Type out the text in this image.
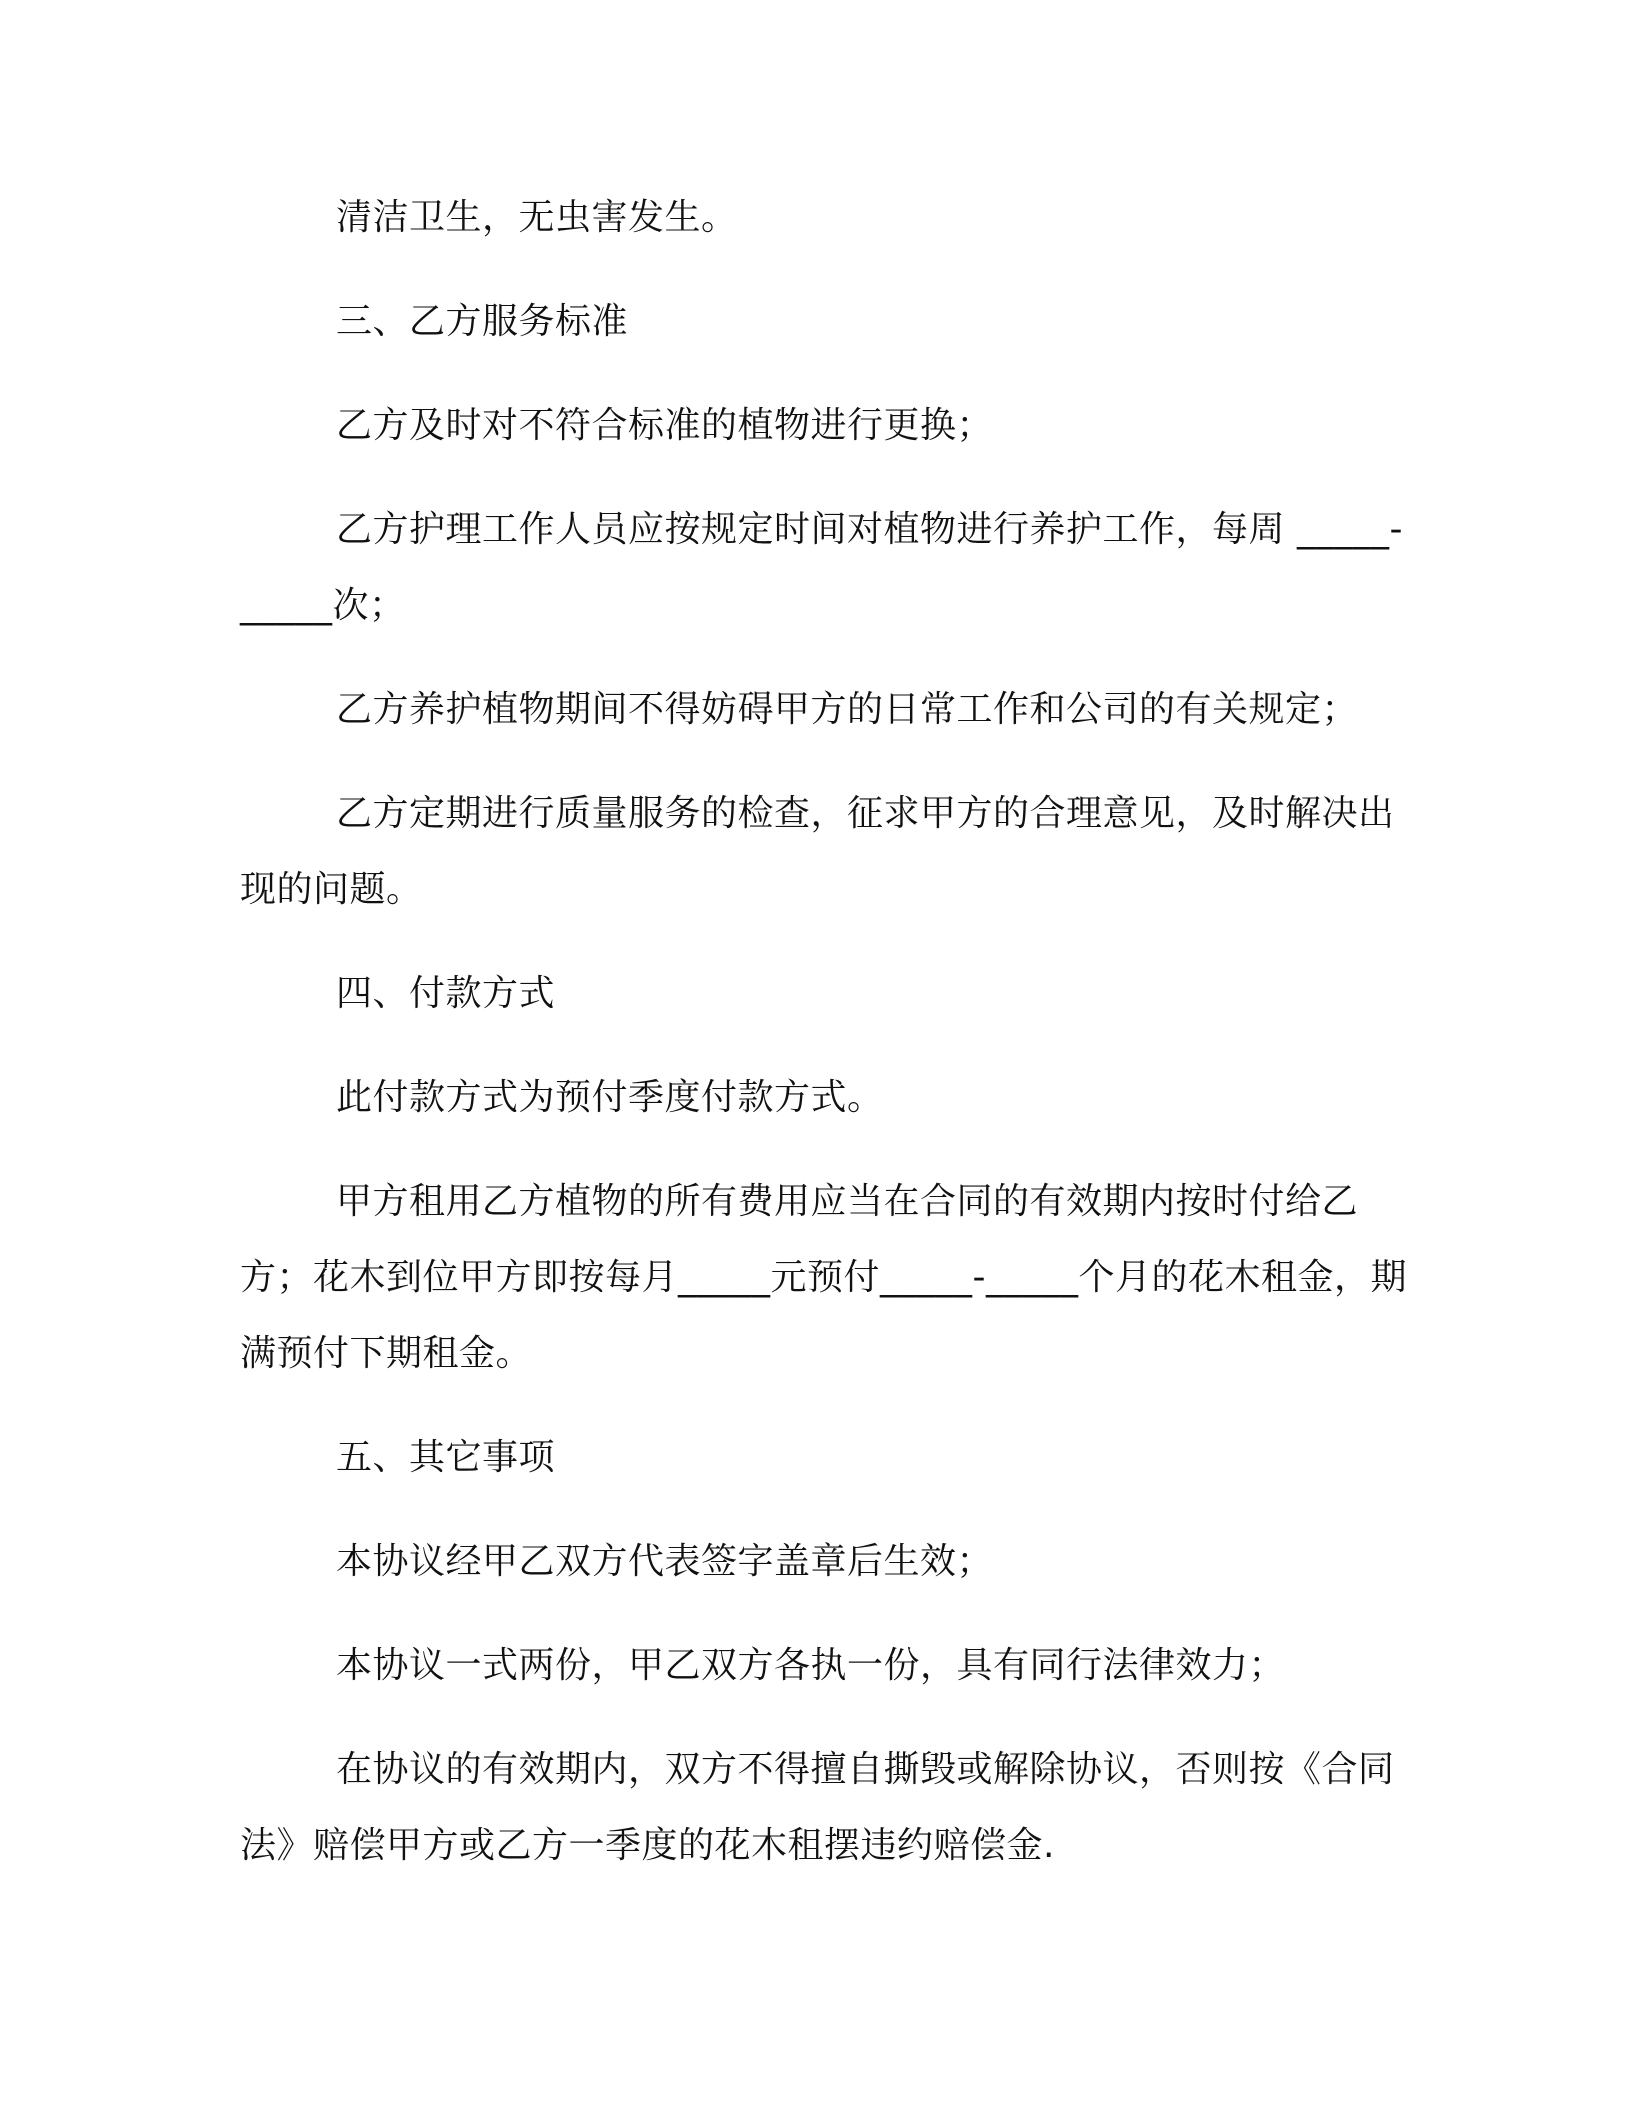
清洁卫生，无虫害发生。

三、乙方服务标准

乙方及时对不符合标准的植物进行更换；

乙方护理工作人员应按规定时间对植物进行养护工作，每周 _____-_____次；

乙方养护植物期间不得妨碍甲方的日常工作和公司的有关规定；

乙方定期进行质量服务的检查，征求甲方的合理意见，及时解决出现的问题。

四、付款方式

此付款方式为预付季度付款方式。

甲方租用乙方植物的所有费用应当在合同的有效期内按时付给乙方；花木到位甲方即按每月_____元预付_____-_____个月的花木租金，期满预付下期租金。

五、其它事项

本协议经甲乙双方代表签字盖章后生效；

本协议一式两份，甲乙双方各执一份，具有同行法律效力；

在协议的有效期内，双方不得擅自撕毁或解除协议，否则按《合同法》赔偿甲方或乙方一季度的花木租摆违约赔偿金.
